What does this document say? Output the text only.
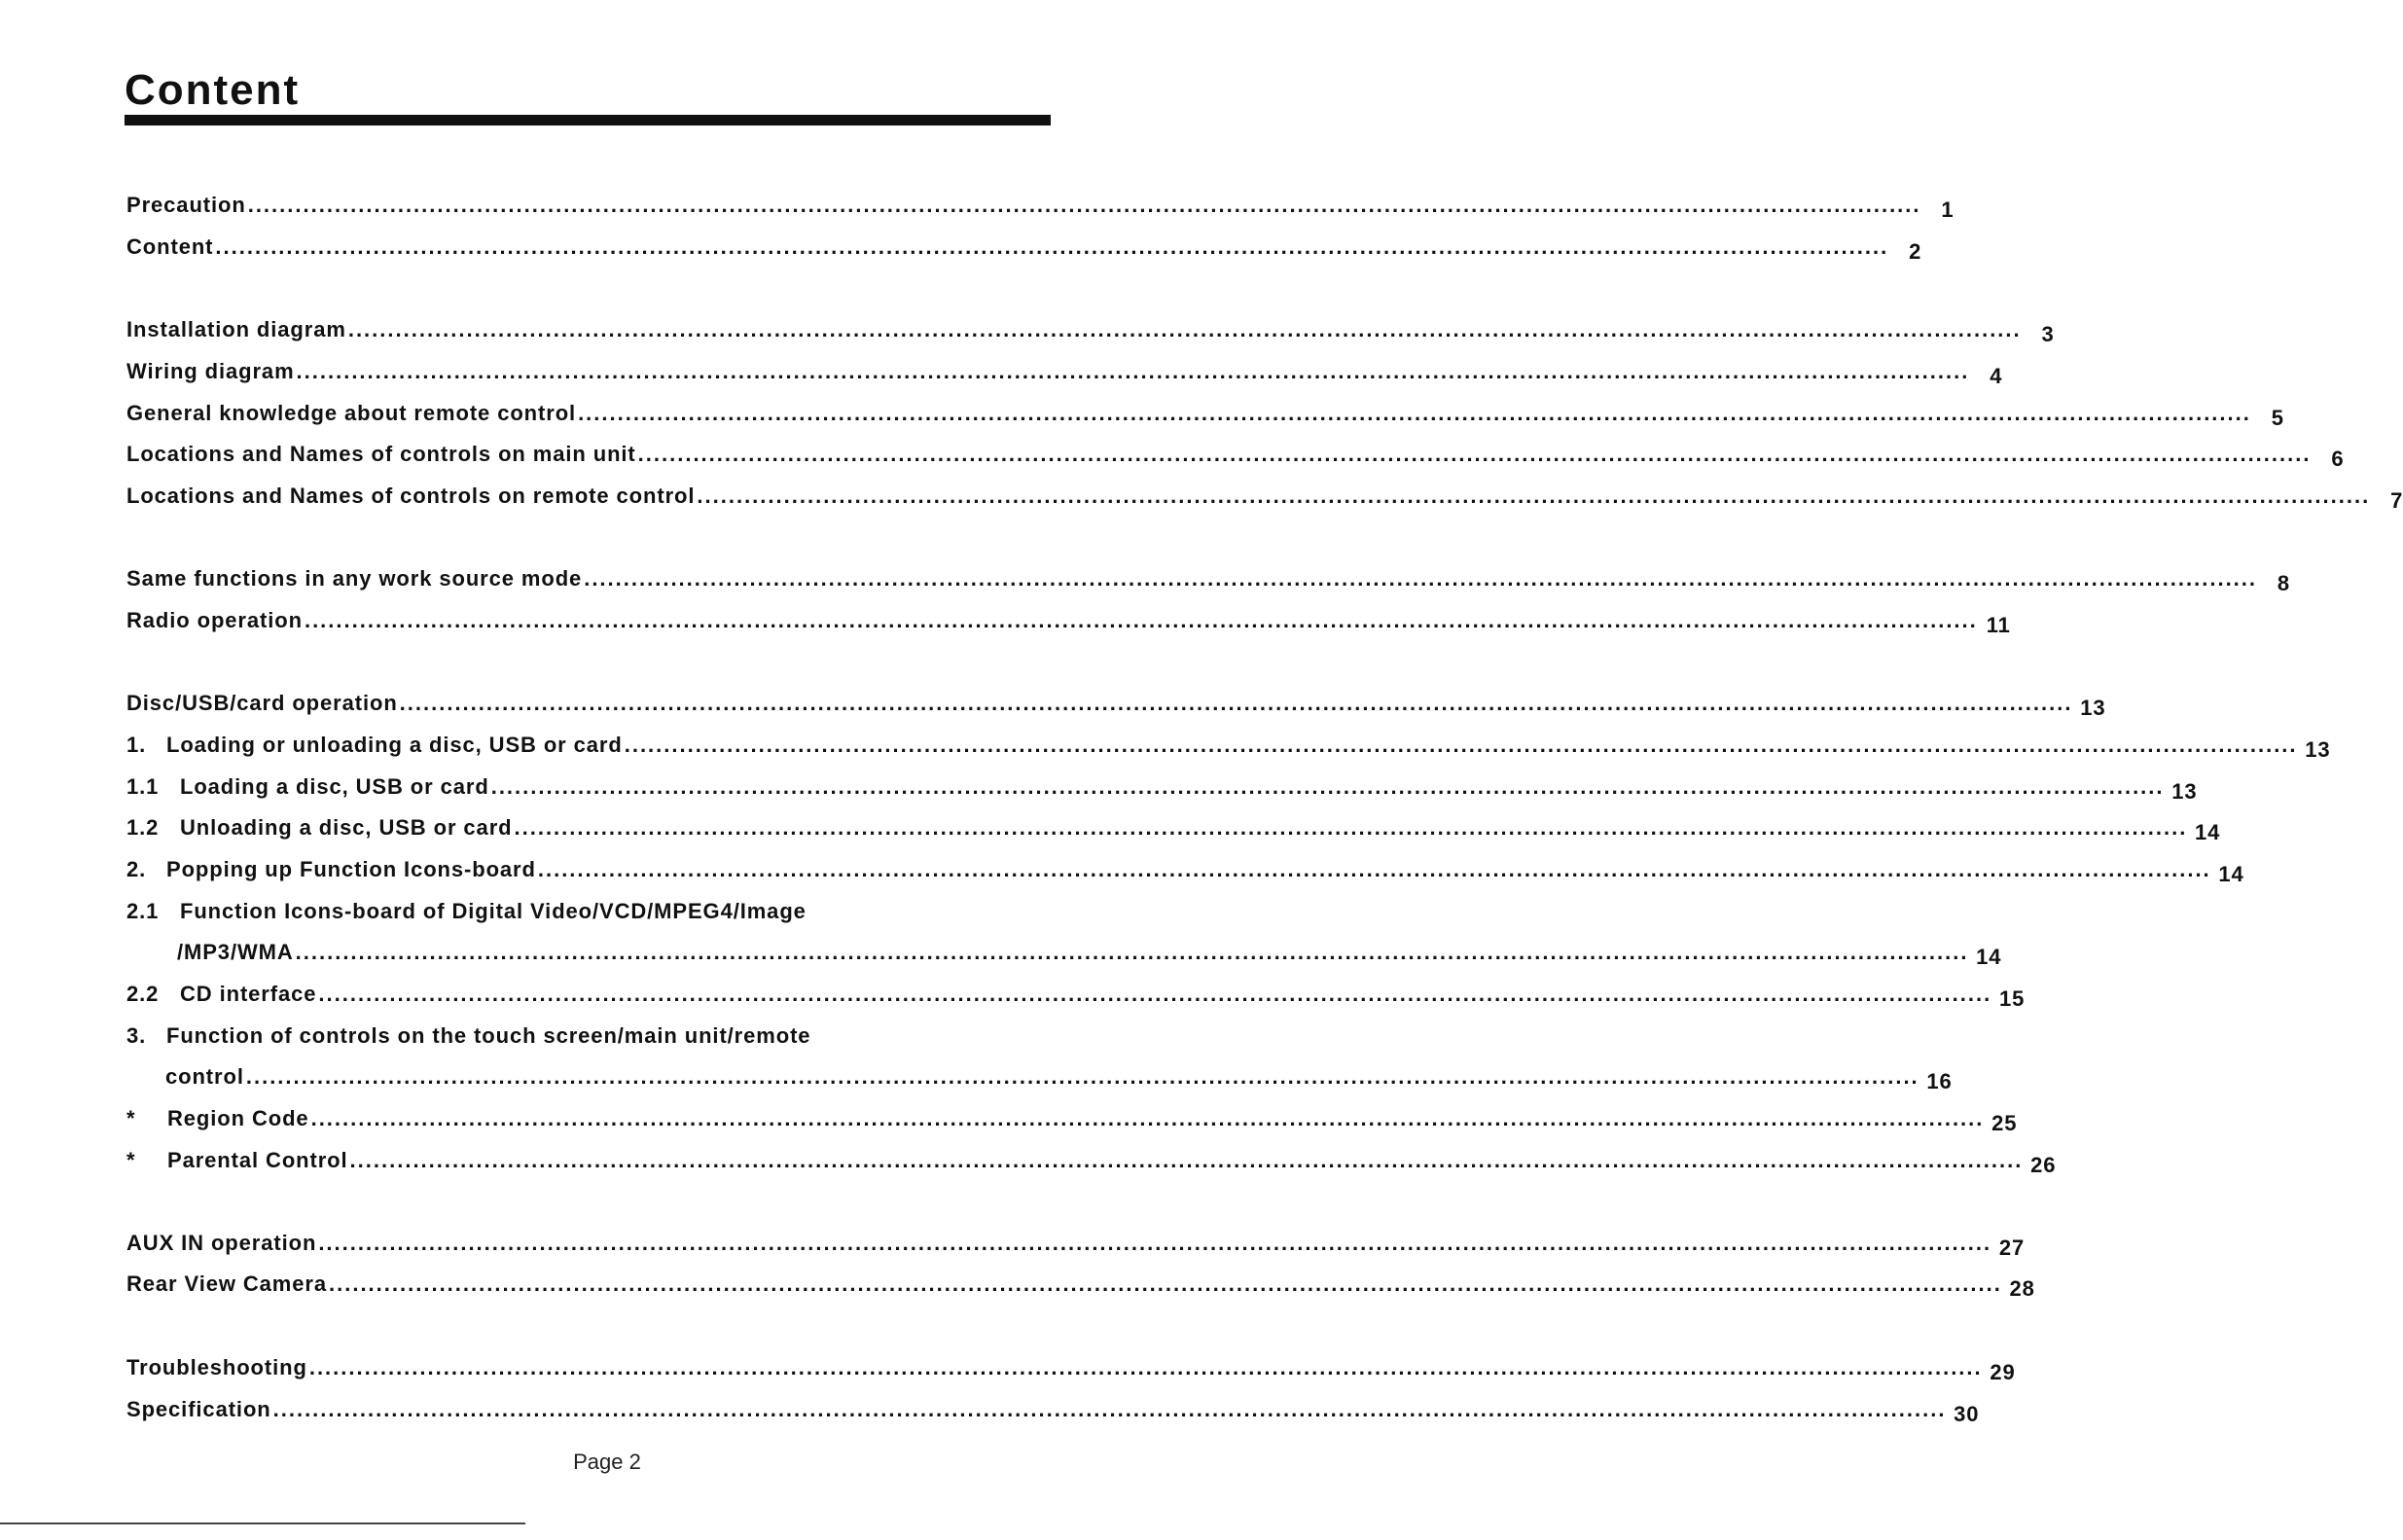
Content
Precaution .....	1
Content .....	2
Installation diagram .....	3
Wiring diagram .....	4
General knowledge about remote control .....	5
Locations and Names of controls on main unit .....	6
Locations and Names of controls on remote control .....	7
Same functions in any work source mode .....	8
Radio operation .....	11
Disc/USB/card operation .....	13
1. Loading or unloading a disc, USB or card .....	13
1.1 Loading a disc, USB or card .....	13
1.2 Unloading a disc, USB or card .....	14
2. Popping up Function Icons-board .....	14
2.1 Function Icons-board of Digital Video/VCD/MPEG4/Image
/MP3/WMA .....	14
2.2 CD interface .....	15
3. Function of controls on the touch screen/main unit/remote
control .....	16
*	Region Code .....	25
*	Parental Control .....	26
AUX IN operation .....	27
Rear View Camera .....	28
Troubleshooting .....	29
Specification .....	30
Page 2
